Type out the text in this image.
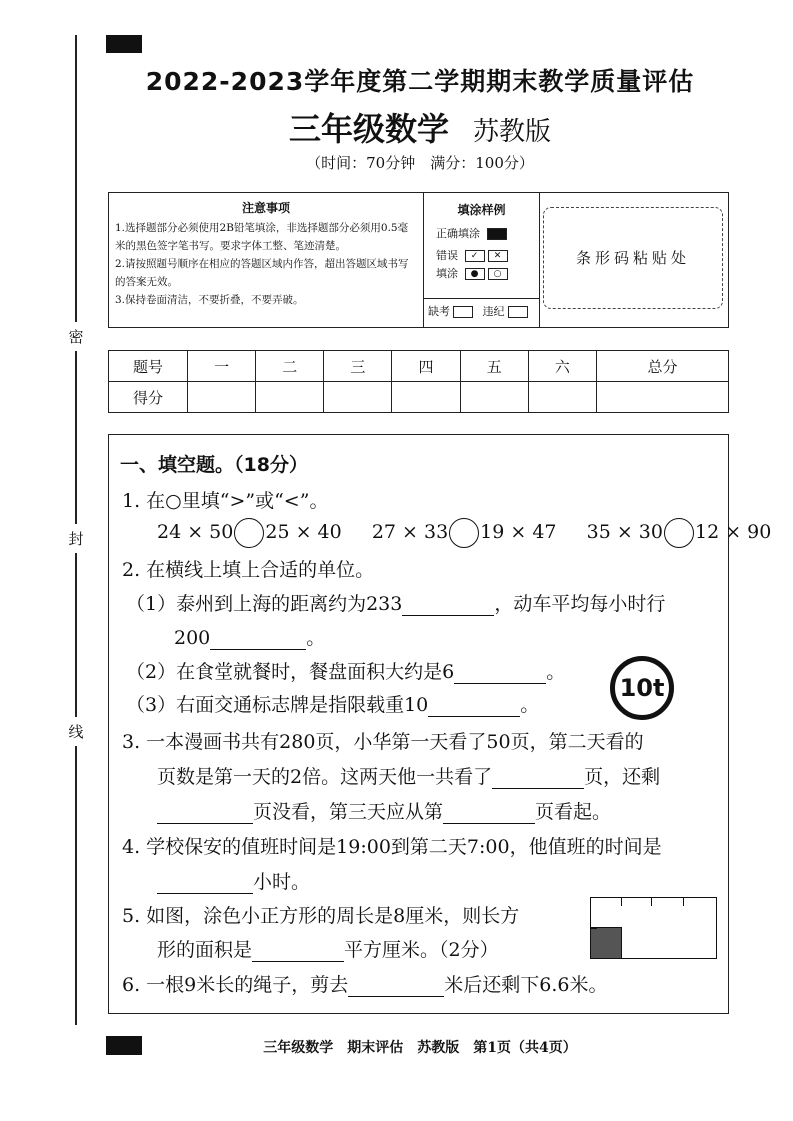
密
封
线
2022-2023学年度第二学期期末教学质量评估
三年级数学 苏教版
（时间：70分钟　满分：100分）
注意事项
1.选择题部分必须使用2B铅笔填涂，非选择题部分必须用0.5毫米的黑色签字笔书写。要求字体工整、笔迹清楚。
2.请按照题号顺序在相应的答题区域内作答，超出答题区域书写的答案无效。
3.保持卷面清洁，不要折叠，不要弄破。
填涂样例
正确填涂
错误 ✓ ✕
填涂 ● ○
缺考	违纪
条形码粘贴处
题号	一	二	三	四	五	六	总分
得分							
一、填空题。（18分）
1. 在○里填“>”或“<”。
24 × 50 25 × 40 27 × 33 19 × 47 35 × 30 12 × 90
2. 在横线上填上合适的单位。
（1）泰州到上海的距离约为233	，动车平均每小时行
200	。
（2）在食堂就餐时，餐盘面积大约是6	。
（3）右面交通标志牌是指限载重10	。
10t
3. 一本漫画书共有280页，小华第一天看了50页，第二天看的
页数是第一天的2倍。这两天他一共看了	页，还剩
页没看，第三天应从第	页看起。
4. 学校保安的值班时间是19:00到第二天7:00，他值班的时间是
小时。
5. 如图，涂色小正方形的周长是8厘米，则长方
形的面积是	平方厘米。（2分）
6. 一根9米长的绳子，剪去	米后还剩下6.6米。
三年级数学　期末评估　苏教版　第1页（共4页）
